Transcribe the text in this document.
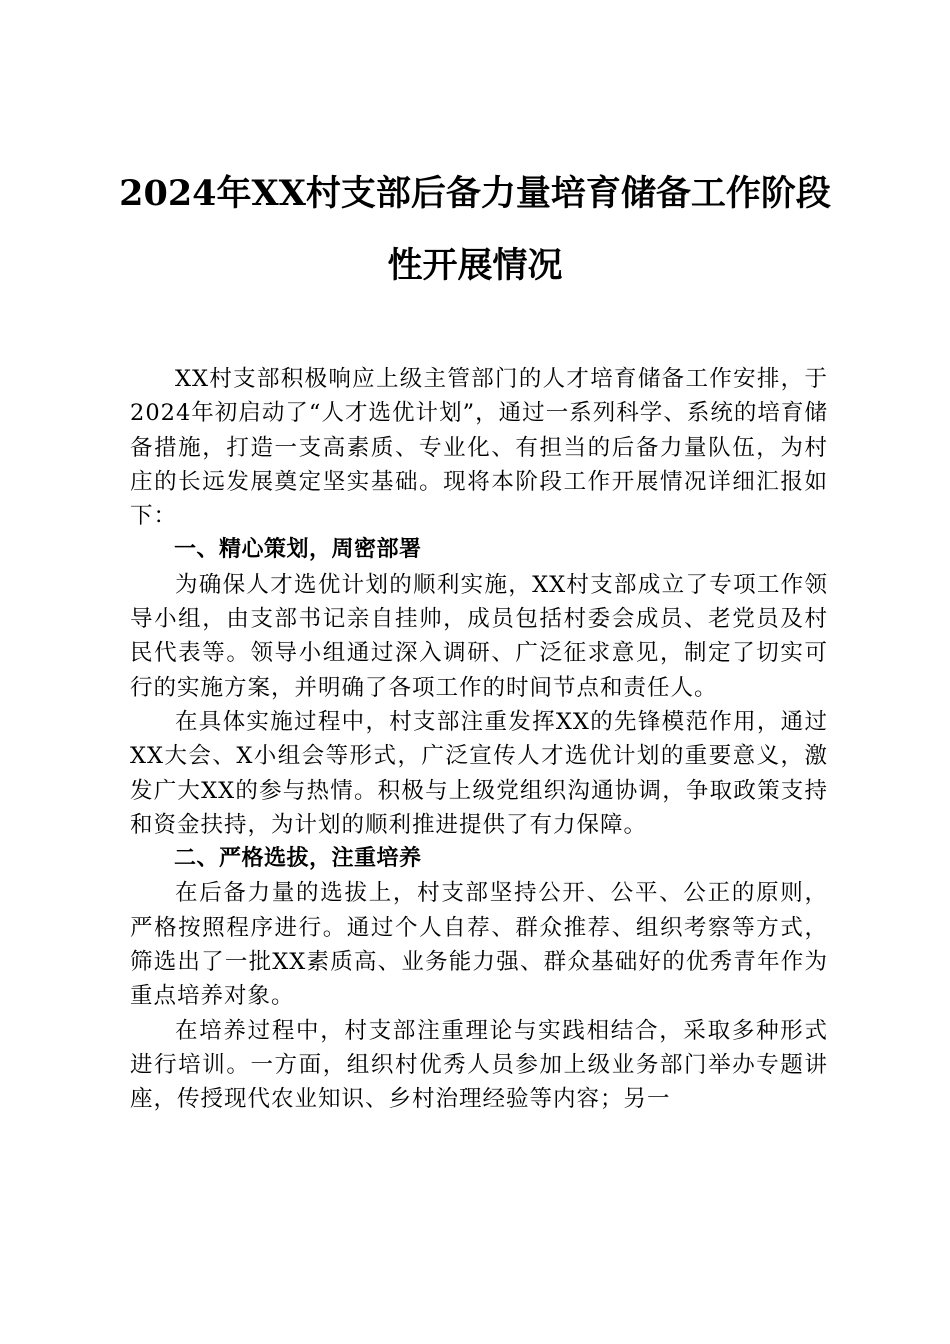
2024年XX村支部后备力量培育储备工作阶段
性开展情况

XX村支部积极响应上级主管部门的人才培育储备工作安排，于2024年初启动了“人才选优计划”，通过一系列科学、系统的培育储备措施，打造一支高素质、专业化、有担当的后备力量队伍，为村庄的长远发展奠定坚实基础。现将本阶段工作开展情况详细汇报如下：

一、精心策划，周密部署

为确保人才选优计划的顺利实施，XX村支部成立了专项工作领导小组，由支部书记亲自挂帅，成员包括村委会成员、老党员及村民代表等。领导小组通过深入调研、广泛征求意见，制定了切实可行的实施方案，并明确了各项工作的时间节点和责任人。

在具体实施过程中，村支部注重发挥XX的先锋模范作用，通过XX大会、X小组会等形式，广泛宣传人才选优计划的重要意义，激发广大XX的参与热情。积极与上级党组织沟通协调，争取政策支持和资金扶持，为计划的顺利推进提供了有力保障。

二、严格选拔，注重培养

在后备力量的选拔上，村支部坚持公开、公平、公正的原则，严格按照程序进行。通过个人自荐、群众推荐、组织考察等方式，筛选出了一批XX素质高、业务能力强、群众基础好的优秀青年作为重点培养对象。

在培养过程中，村支部注重理论与实践相结合，采取多种形式进行培训。一方面，组织村优秀人员参加上级业务部门举办专题讲座，传授现代农业知识、乡村治理经验等内容；另一
